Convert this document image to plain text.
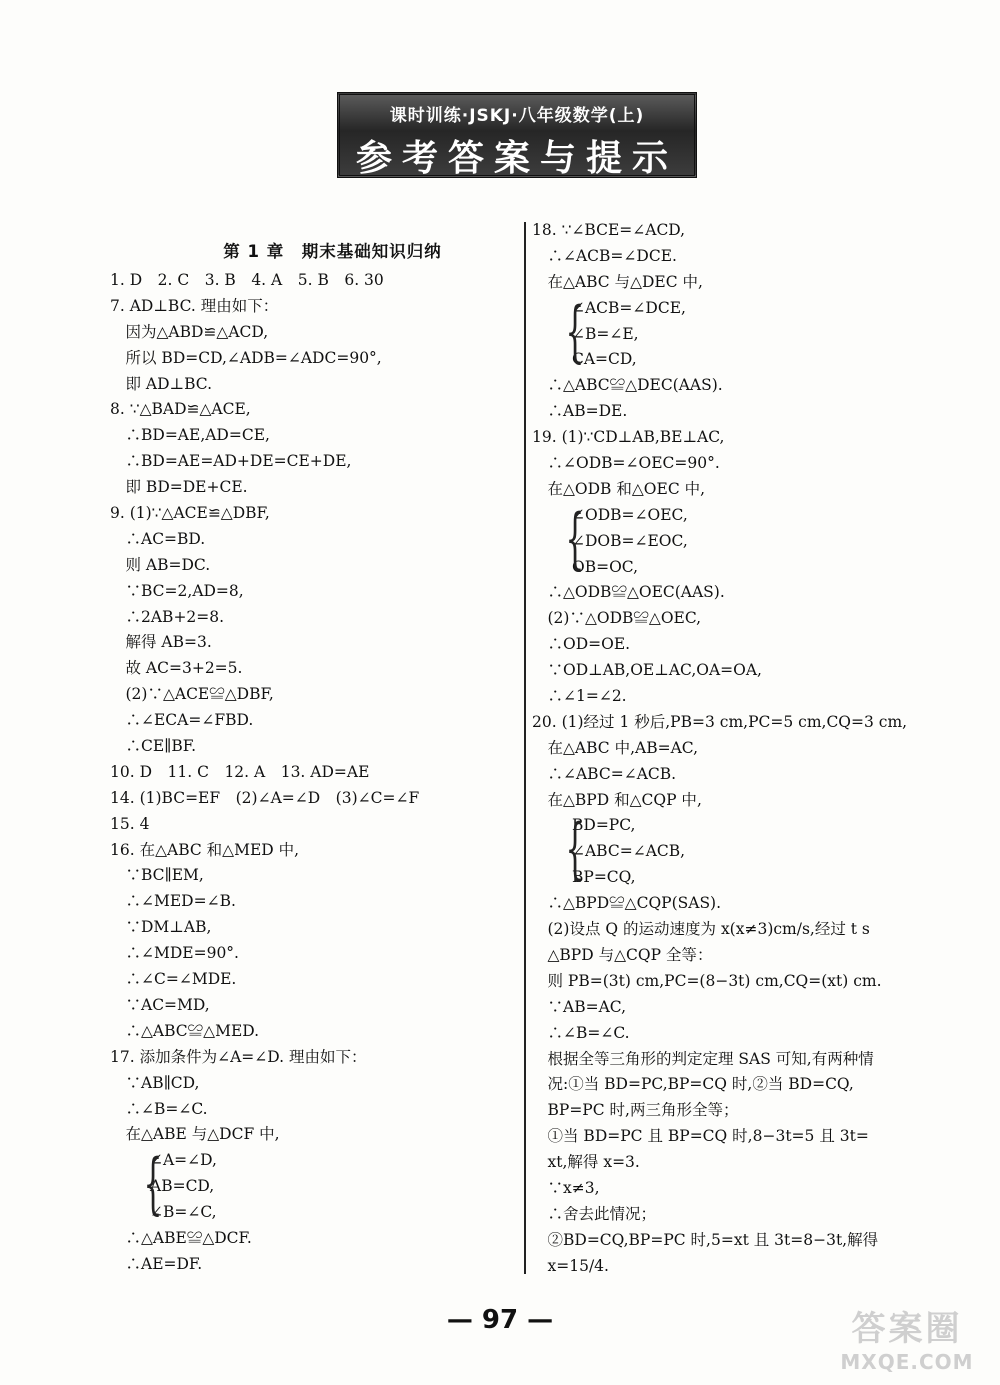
课时训练·JSKJ·八年级数学(上)
参考答案与提示
第 1 章　期末基础知识归纳
1. D　2. C　3. B　4. A　5. B　6. 30
7. AD⊥BC. 理由如下：
　因为△ABD≌△ACD,
　所以 BD=CD,∠ADB=∠ADC=90°,
　即 AD⊥BC.
8. ∵△BAD≌△ACE,
　∴BD=AE,AD=CE,
　∴BD=AE=AD+DE=CE+DE,
　即 BD=DE+CE.
9. (1)∵△ACE≌△DBF,
　∴AC=BD.
　则 AB=DC.
　∵BC=2,AD=8,
　∴2AB+2=8.
　解得 AB=3.
　故 AC=3+2=5.
　(2)∵△ACE≌△DBF,
　∴∠ECA=∠FBD.
　∴CE∥BF.
10. D　11. C　12. A　13. AD=AE
14. (1)BC=EF　(2)∠A=∠D　(3)∠C=∠F
15. 4
16. 在△ABC 和△MED 中,
　∵BC∥EM,
　∴∠MED=∠B.
　∵DM⊥AB,
　∴∠MDE=90°.
　∴∠C=∠MDE.
　∵AC=MD,
　∴△ABC≌△MED.
17. 添加条件为∠A=∠D. 理由如下：
　∵AB∥CD,
　∴∠B=∠C.
　在△ABE 与△DCF 中,
{
∠A=∠D,
AB=CD,
∠B=∠C,
　∴△ABE≌△DCF.
　∴AE=DF.
18. ∵∠BCE=∠ACD,
　∴∠ACB=∠DCE.
　在△ABC 与△DEC 中,
{
∠ACB=∠DCE,
∠B=∠E,
CA=CD,
　∴△ABC≌△DEC(AAS).
　∴AB=DE.
19. (1)∵CD⊥AB,BE⊥AC,
　∴∠ODB=∠OEC=90°.
　在△ODB 和△OEC 中,
{
∠ODB=∠OEC,
∠DOB=∠EOC,
OB=OC,
　∴△ODB≌△OEC(AAS).
　(2)∵△ODB≌△OEC,
　∴OD=OE.
　∵OD⊥AB,OE⊥AC,OA=OA,
　∴∠1=∠2.
20. (1)经过 1 秒后,PB=3 cm,PC=5 cm,CQ=3 cm,
　在△ABC 中,AB=AC,
　∴∠ABC=∠ACB.
　在△BPD 和△CQP 中,
{
BD=PC,
∠ABC=∠ACB,
BP=CQ,
　∴△BPD≌△CQP(SAS).
　(2)设点 Q 的运动速度为 x(x≠3)cm/s,经过 t s
　△BPD 与△CQP 全等：
　则 PB=(3t) cm,PC=(8−3t) cm,CQ=(xt) cm.
　∵AB=AC,
　∴∠B=∠C.
　根据全等三角形的判定定理 SAS 可知,有两种情
　况:①当 BD=PC,BP=CQ 时,②当 BD=CQ,
　BP=PC 时,两三角形全等；
　①当 BD=PC 且 BP=CQ 时,8−3t=5 且 3t=
　xt,解得 x=3.
　∵x≠3,
　∴舍去此情况；
　②BD=CQ,BP=PC 时,5=xt 且 3t=8−3t,解得
　x=15/4.
— 97 —	答案圈
MXQE.COM
